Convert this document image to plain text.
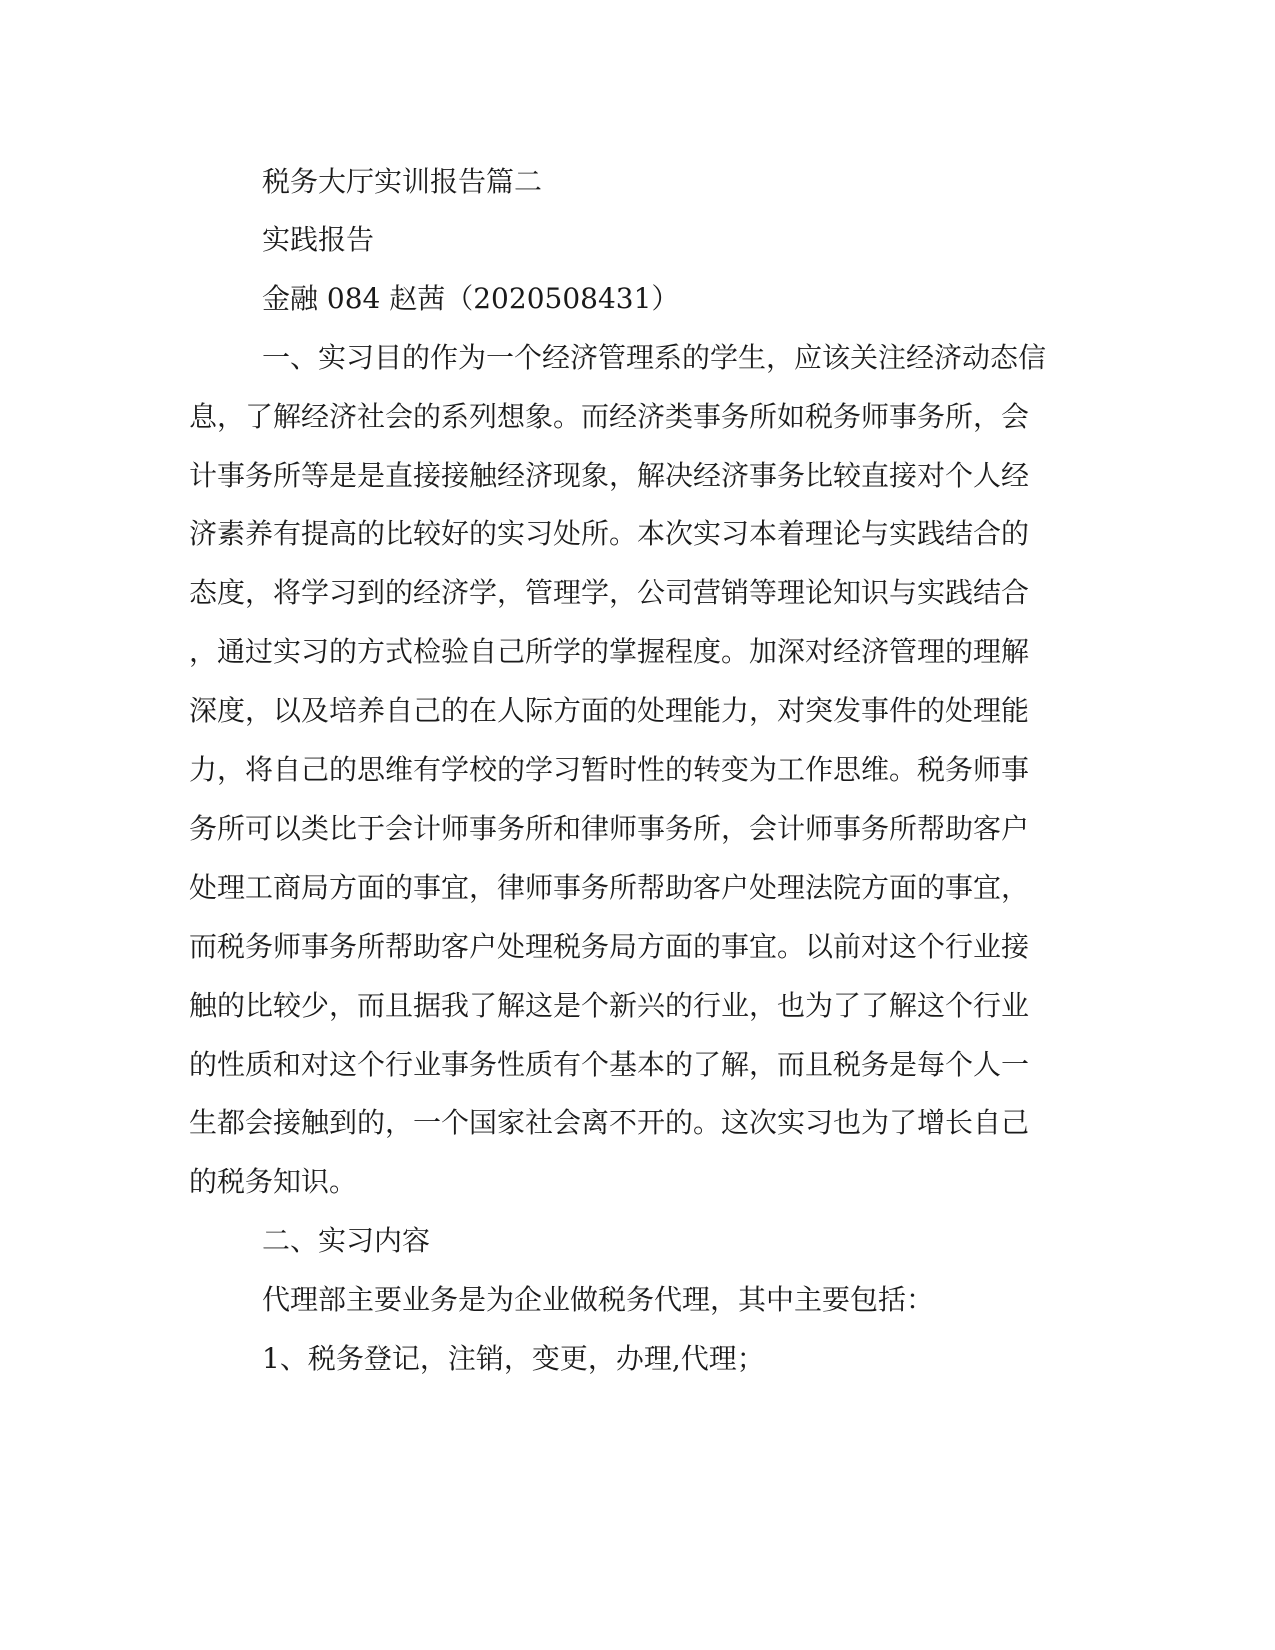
税务大厅实训报告篇二
实践报告
金融 084 赵茜（2020508431）
一、实习目的作为一个经济管理系的学生，应该关注经济动态信
息，了解经济社会的系列想象。而经济类事务所如税务师事务所，会
计事务所等是是直接接触经济现象，解决经济事务比较直接对个人经
济素养有提高的比较好的实习处所。本次实习本着理论与实践结合的
态度，将学习到的经济学，管理学，公司营销等理论知识与实践结合
，通过实习的方式检验自己所学的掌握程度。加深对经济管理的理解
深度，以及培养自己的在人际方面的处理能力，对突发事件的处理能
力，将自己的思维有学校的学习暂时性的转变为工作思维。税务师事
务所可以类比于会计师事务所和律师事务所，会计师事务所帮助客户
处理工商局方面的事宜，律师事务所帮助客户处理法院方面的事宜，
而税务师事务所帮助客户处理税务局方面的事宜。以前对这个行业接
触的比较少，而且据我了解这是个新兴的行业，也为了了解这个行业
的性质和对这个行业事务性质有个基本的了解，而且税务是每个人一
生都会接触到的，一个国家社会离不开的。这次实习也为了增长自己
的税务知识。
二、实习内容
代理部主要业务是为企业做税务代理，其中主要包括：
1、税务登记，注销，变更，办理,代理；
